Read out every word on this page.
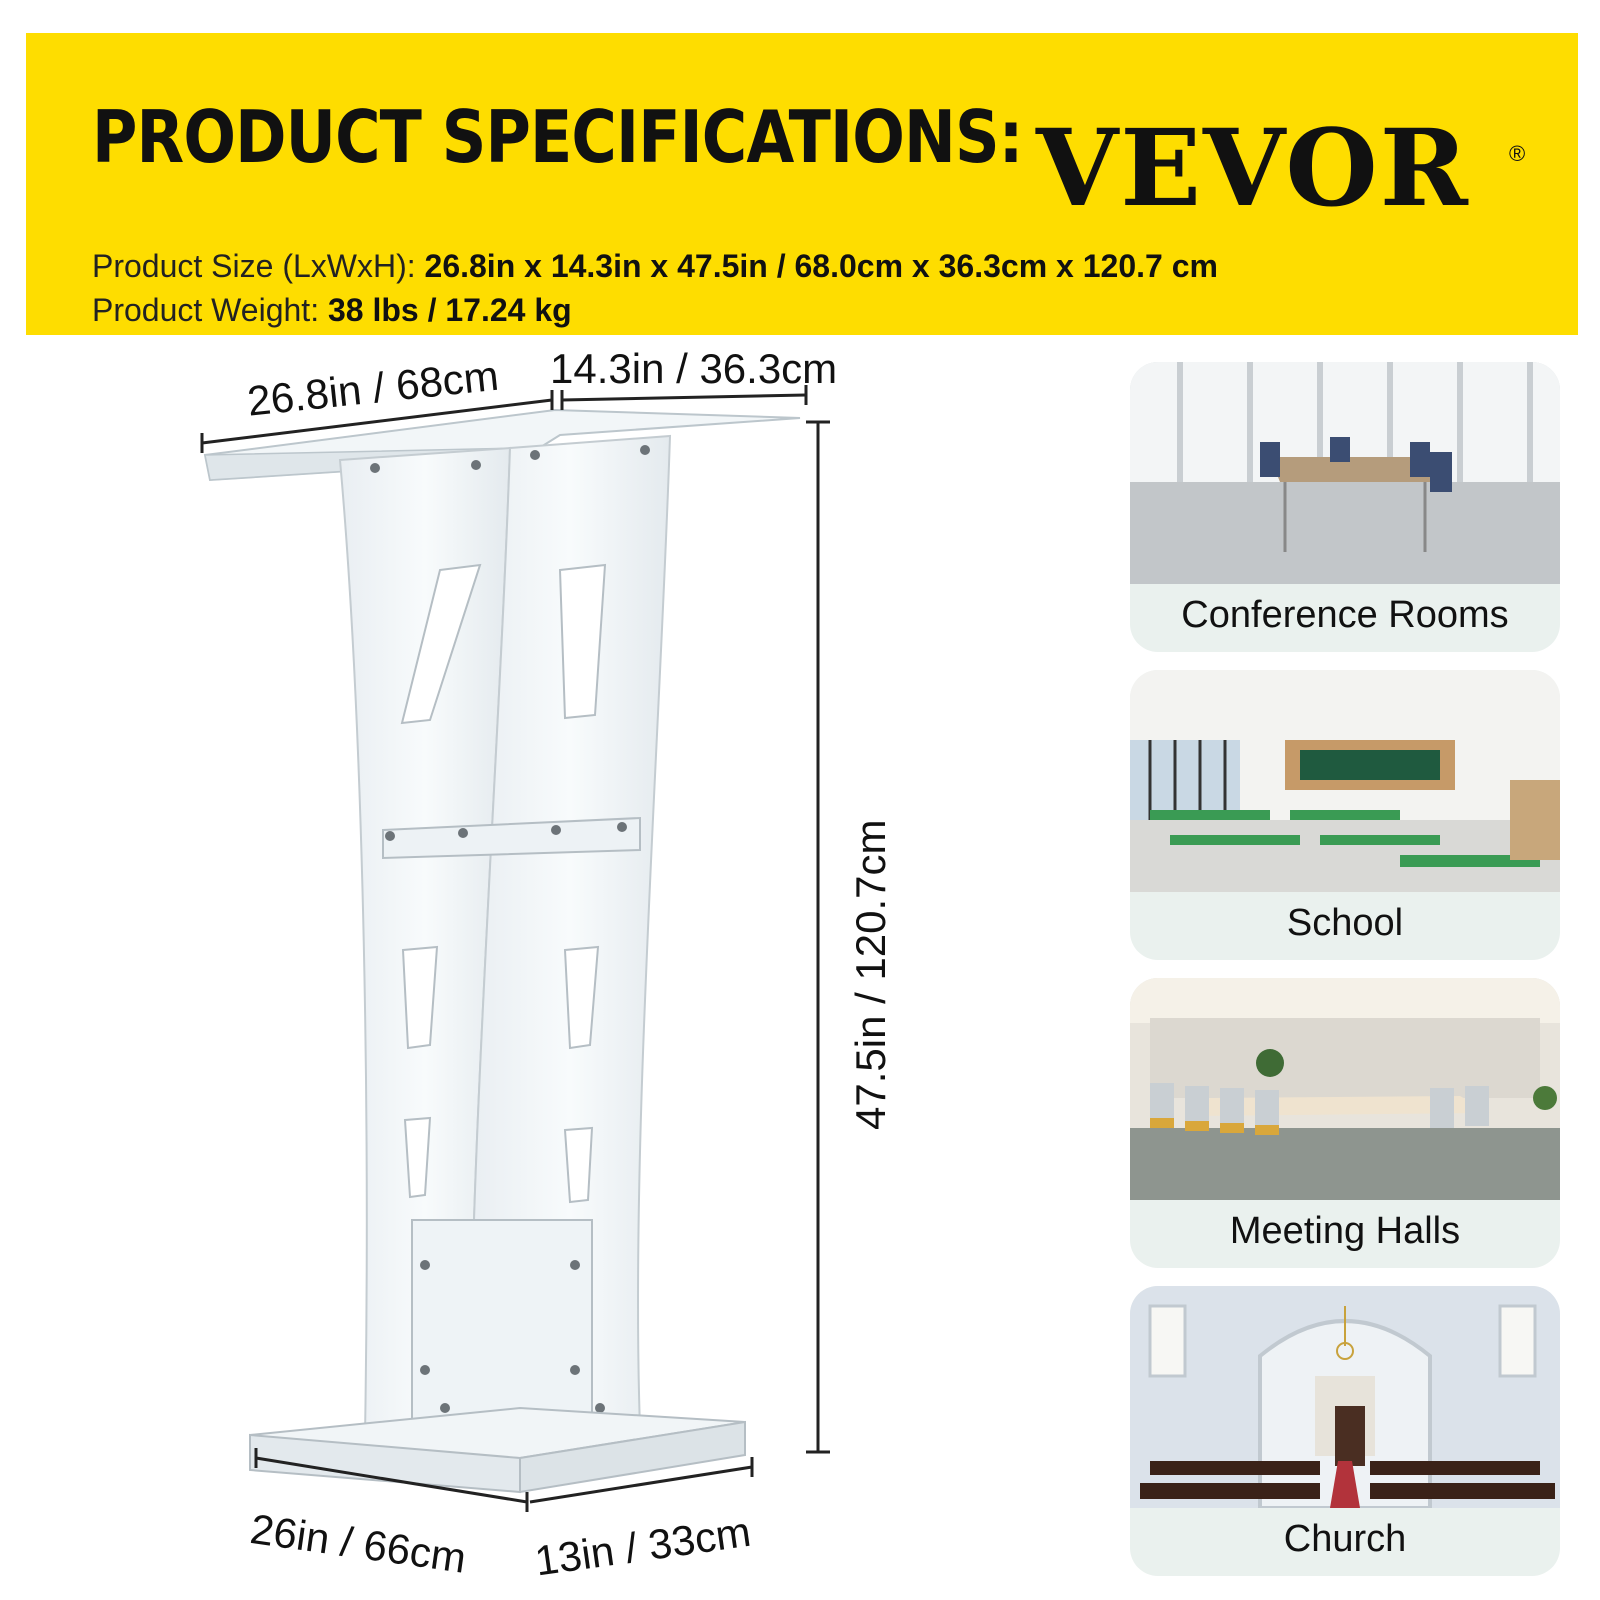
PRODUCT SPECIFICATIONS: VEVOR ®
Product Size (LxWxH): 26.8in x 14.3in x 47.5in / 68.0cm x 36.3cm x 120.7 cm
Product Weight: 38 lbs / 17.24 kg
26.8in / 68cm 14.3in / 36.3cm
47.5in / 120.7cm
26in / 66cm 13in / 33cm
Conference Rooms
School
Meeting Halls
Church
